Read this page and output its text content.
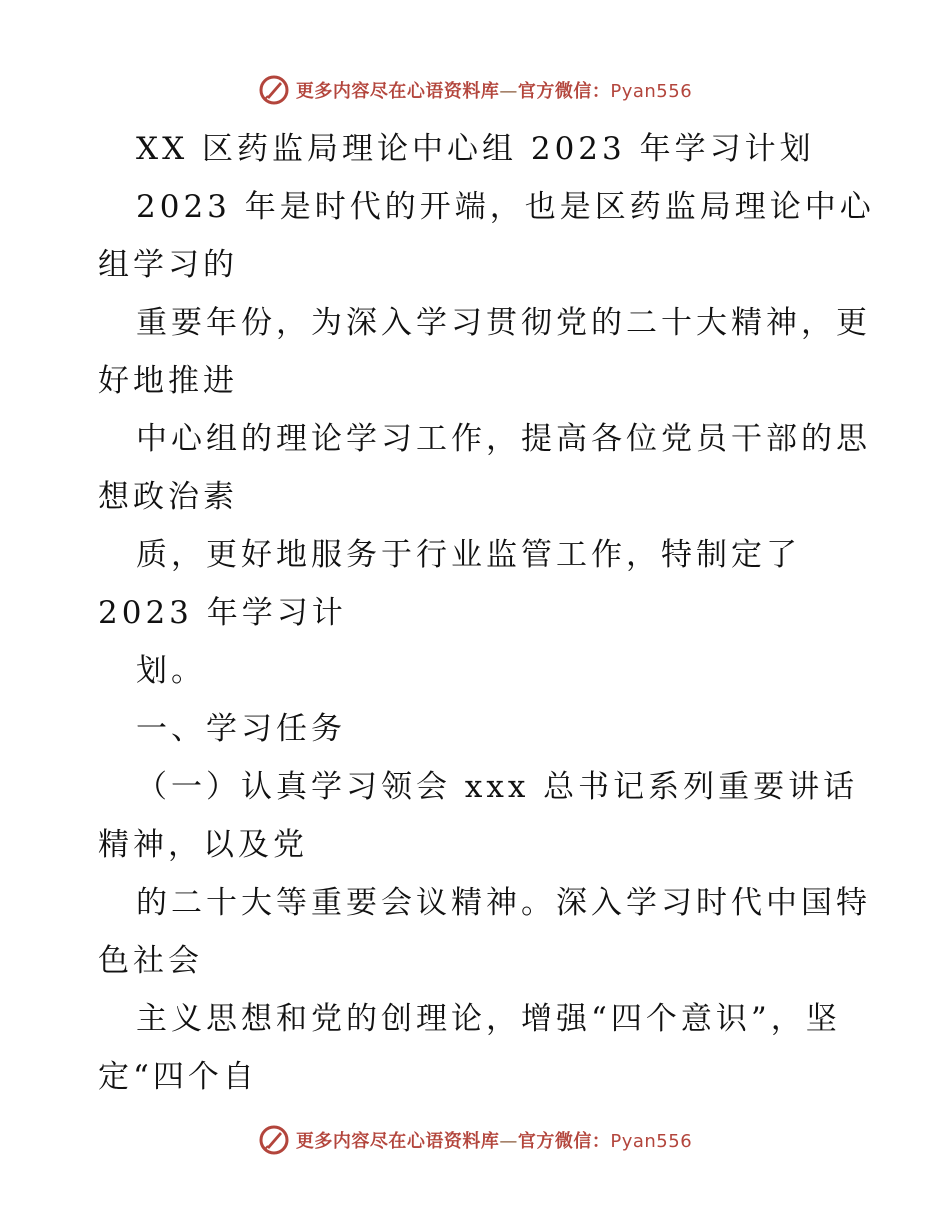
更多内容尽在心语资料库—官方微信：Pyan556
XX 区药监局理论中心组 2023 年学习计划
2023 年是时代的开端，也是区药监局理论中心
组学习的
重要年份，为深入学习贯彻党的二十大精神，更
好地推进
中心组的理论学习工作，提高各位党员干部的思
想政治素
质，更好地服务于行业监管工作，特制定了
2023 年学习计
划。
一、学习任务
（一）认真学习领会 xxx 总书记系列重要讲话
精神，以及党
的二十大等重要会议精神。深入学习时代中国特
色社会
主义思想和党的创理论，增强“四个意识”，坚
定“四个自
更多内容尽在心语资料库—官方微信：Pyan556
